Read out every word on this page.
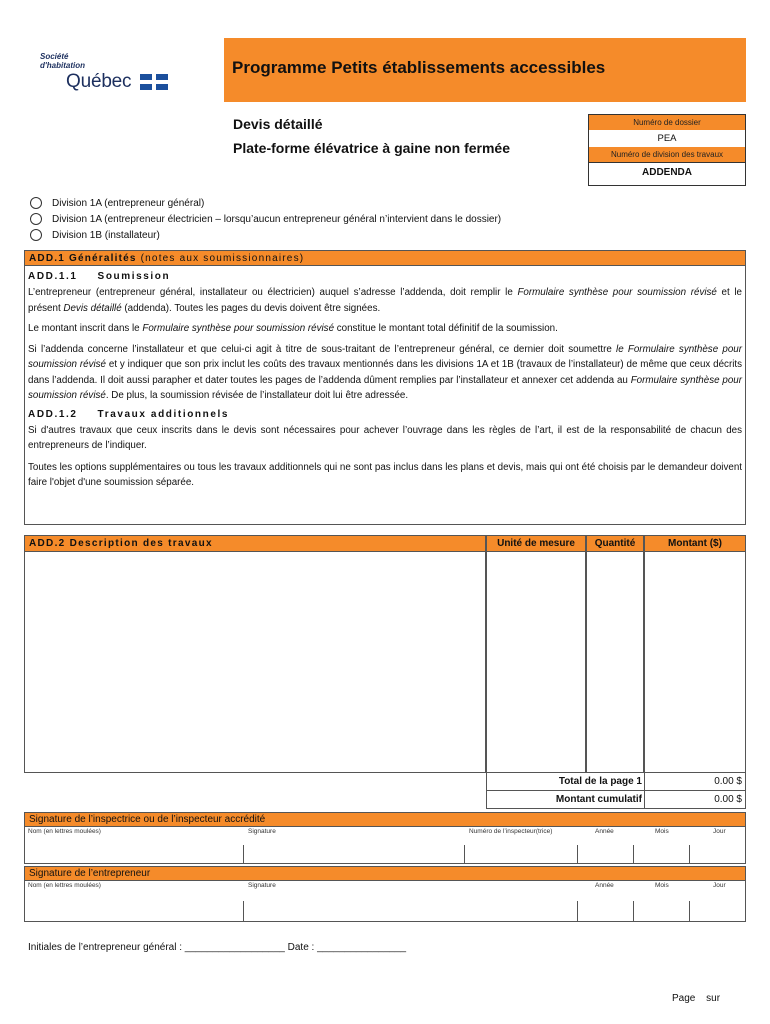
Société
d'habitation
Québec
Programme Petits établissements accessibles
Devis détaillé
Plate-forme élévatrice à gaine non fermée
Numéro de dossier
PEA
Numéro de division des travaux
ADDENDA
Division 1A (entrepreneur général)
Division 1A (entrepreneur électricien – lorsqu’aucun entrepreneur général n’intervient dans le dossier)
Division 1B (installateur)
ADD.1 Généralités (notes aux soumissionnaires)
ADD.1.1 Soumission
L’entrepreneur (entrepreneur général, installateur ou électricien) auquel s’adresse l’addenda, doit remplir le Formulaire synthèse pour soumission révisé et le présent Devis détaillé (addenda). Toutes les pages du devis doivent être signées.
Le montant inscrit dans le Formulaire synthèse pour soumission révisé constitue le montant total définitif de la soumission.
Si l’addenda concerne l’installateur et que celui-ci agit à titre de sous-traitant de l’entrepreneur général, ce dernier doit soumettre le Formulaire synthèse pour soumission révisé et y indiquer que son prix inclut les coûts des travaux mentionnés dans les divisions 1A et 1B (travaux de l’installateur) de même que ceux décrits dans l’addenda. Il doit aussi parapher et dater toutes les pages de l’addenda dûment remplies par l’installateur et annexer cet addenda au Formulaire synthèse pour soumission révisé. De plus, la soumission révisée de l’installateur doit lui être adressée.
ADD.1.2 Travaux additionnels
Si d'autres travaux que ceux inscrits dans le devis sont nécessaires pour achever l’ouvrage dans les règles de l’art, il est de la responsabilité de chacun des entrepreneurs de l’indiquer.
Toutes les options supplémentaires ou tous les travaux additionnels qui ne sont pas inclus dans les plans et devis, mais qui ont été choisis par le demandeur doivent faire l'objet d'une soumission séparée.
ADD.2 Description des travaux	Unité de mesure	Quantité	Montant ($)
Total de la page 1	0.00 $
Montant cumulatif	0.00 $
Signature de l’inspectrice ou de l’inspecteur accrédité
Nom (en lettres moulées)	Signature	Numéro de l’inspecteur(trice)	Année	Mois	Jour
Signature de l’entrepreneur
Nom (en lettres moulées)	Signature	Année	Mois	Jour
Initiales de l’entrepreneur général : __________________ Date : ________________
Page sur
